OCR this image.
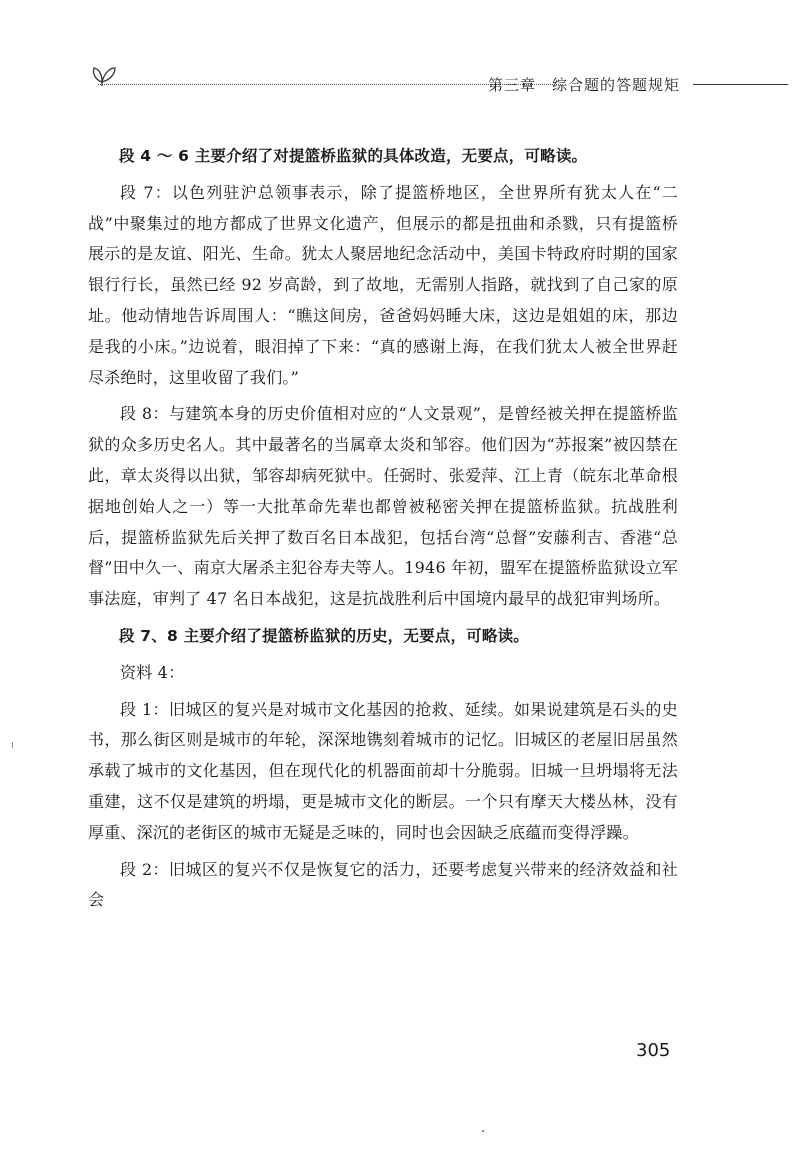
第三章 综合题的答题规矩

段 4 ～ 6 主要介绍了对提篮桥监狱的具体改造，无要点，可略读。

段 7：以色列驻沪总领事表示，除了提篮桥地区，全世界所有犹太人在“二战”中聚集过的地方都成了世界文化遗产，但展示的都是扭曲和杀戮，只有提篮桥展示的是友谊、阳光、生命。犹太人聚居地纪念活动中，美国卡特政府时期的国家银行行长，虽然已经 92 岁高龄，到了故地，无需别人指路，就找到了自己家的原址。他动情地告诉周围人：“瞧这间房，爸爸妈妈睡大床，这边是姐姐的床，那边是我的小床。”边说着，眼泪掉了下来：“真的感谢上海，在我们犹太人被全世界赶尽杀绝时，这里收留了我们。”

段 8：与建筑本身的历史价值相对应的“人文景观”，是曾经被关押在提篮桥监狱的众多历史名人。其中最著名的当属章太炎和邹容。他们因为“苏报案”被囚禁在此，章太炎得以出狱，邹容却病死狱中。任弼时、张爱萍、江上青（皖东北革命根据地创始人之一）等一大批革命先辈也都曾被秘密关押在提篮桥监狱。抗战胜利后，提篮桥监狱先后关押了数百名日本战犯，包括台湾“总督”安藤利吉、香港“总督”田中久一、南京大屠杀主犯谷寿夫等人。1946 年初，盟军在提篮桥监狱设立军事法庭，审判了 47 名日本战犯，这是抗战胜利后中国境内最早的战犯审判场所。

段 7、8 主要介绍了提篮桥监狱的历史，无要点，可略读。

资料 4：

段 1：旧城区的复兴是对城市文化基因的抢救、延续。如果说建筑是石头的史书，那么街区则是城市的年轮，深深地镌刻着城市的记忆。旧城区的老屋旧居虽然承载了城市的文化基因，但在现代化的机器面前却十分脆弱。旧城一旦坍塌将无法重建，这不仅是建筑的坍塌，更是城市文化的断层。一个只有摩天大楼丛林，没有厚重、深沉的老街区的城市无疑是乏味的，同时也会因缺乏底蕴而变得浮躁。

段 2：旧城区的复兴不仅是恢复它的活力，还要考虑复兴带来的经济效益和社会

305
